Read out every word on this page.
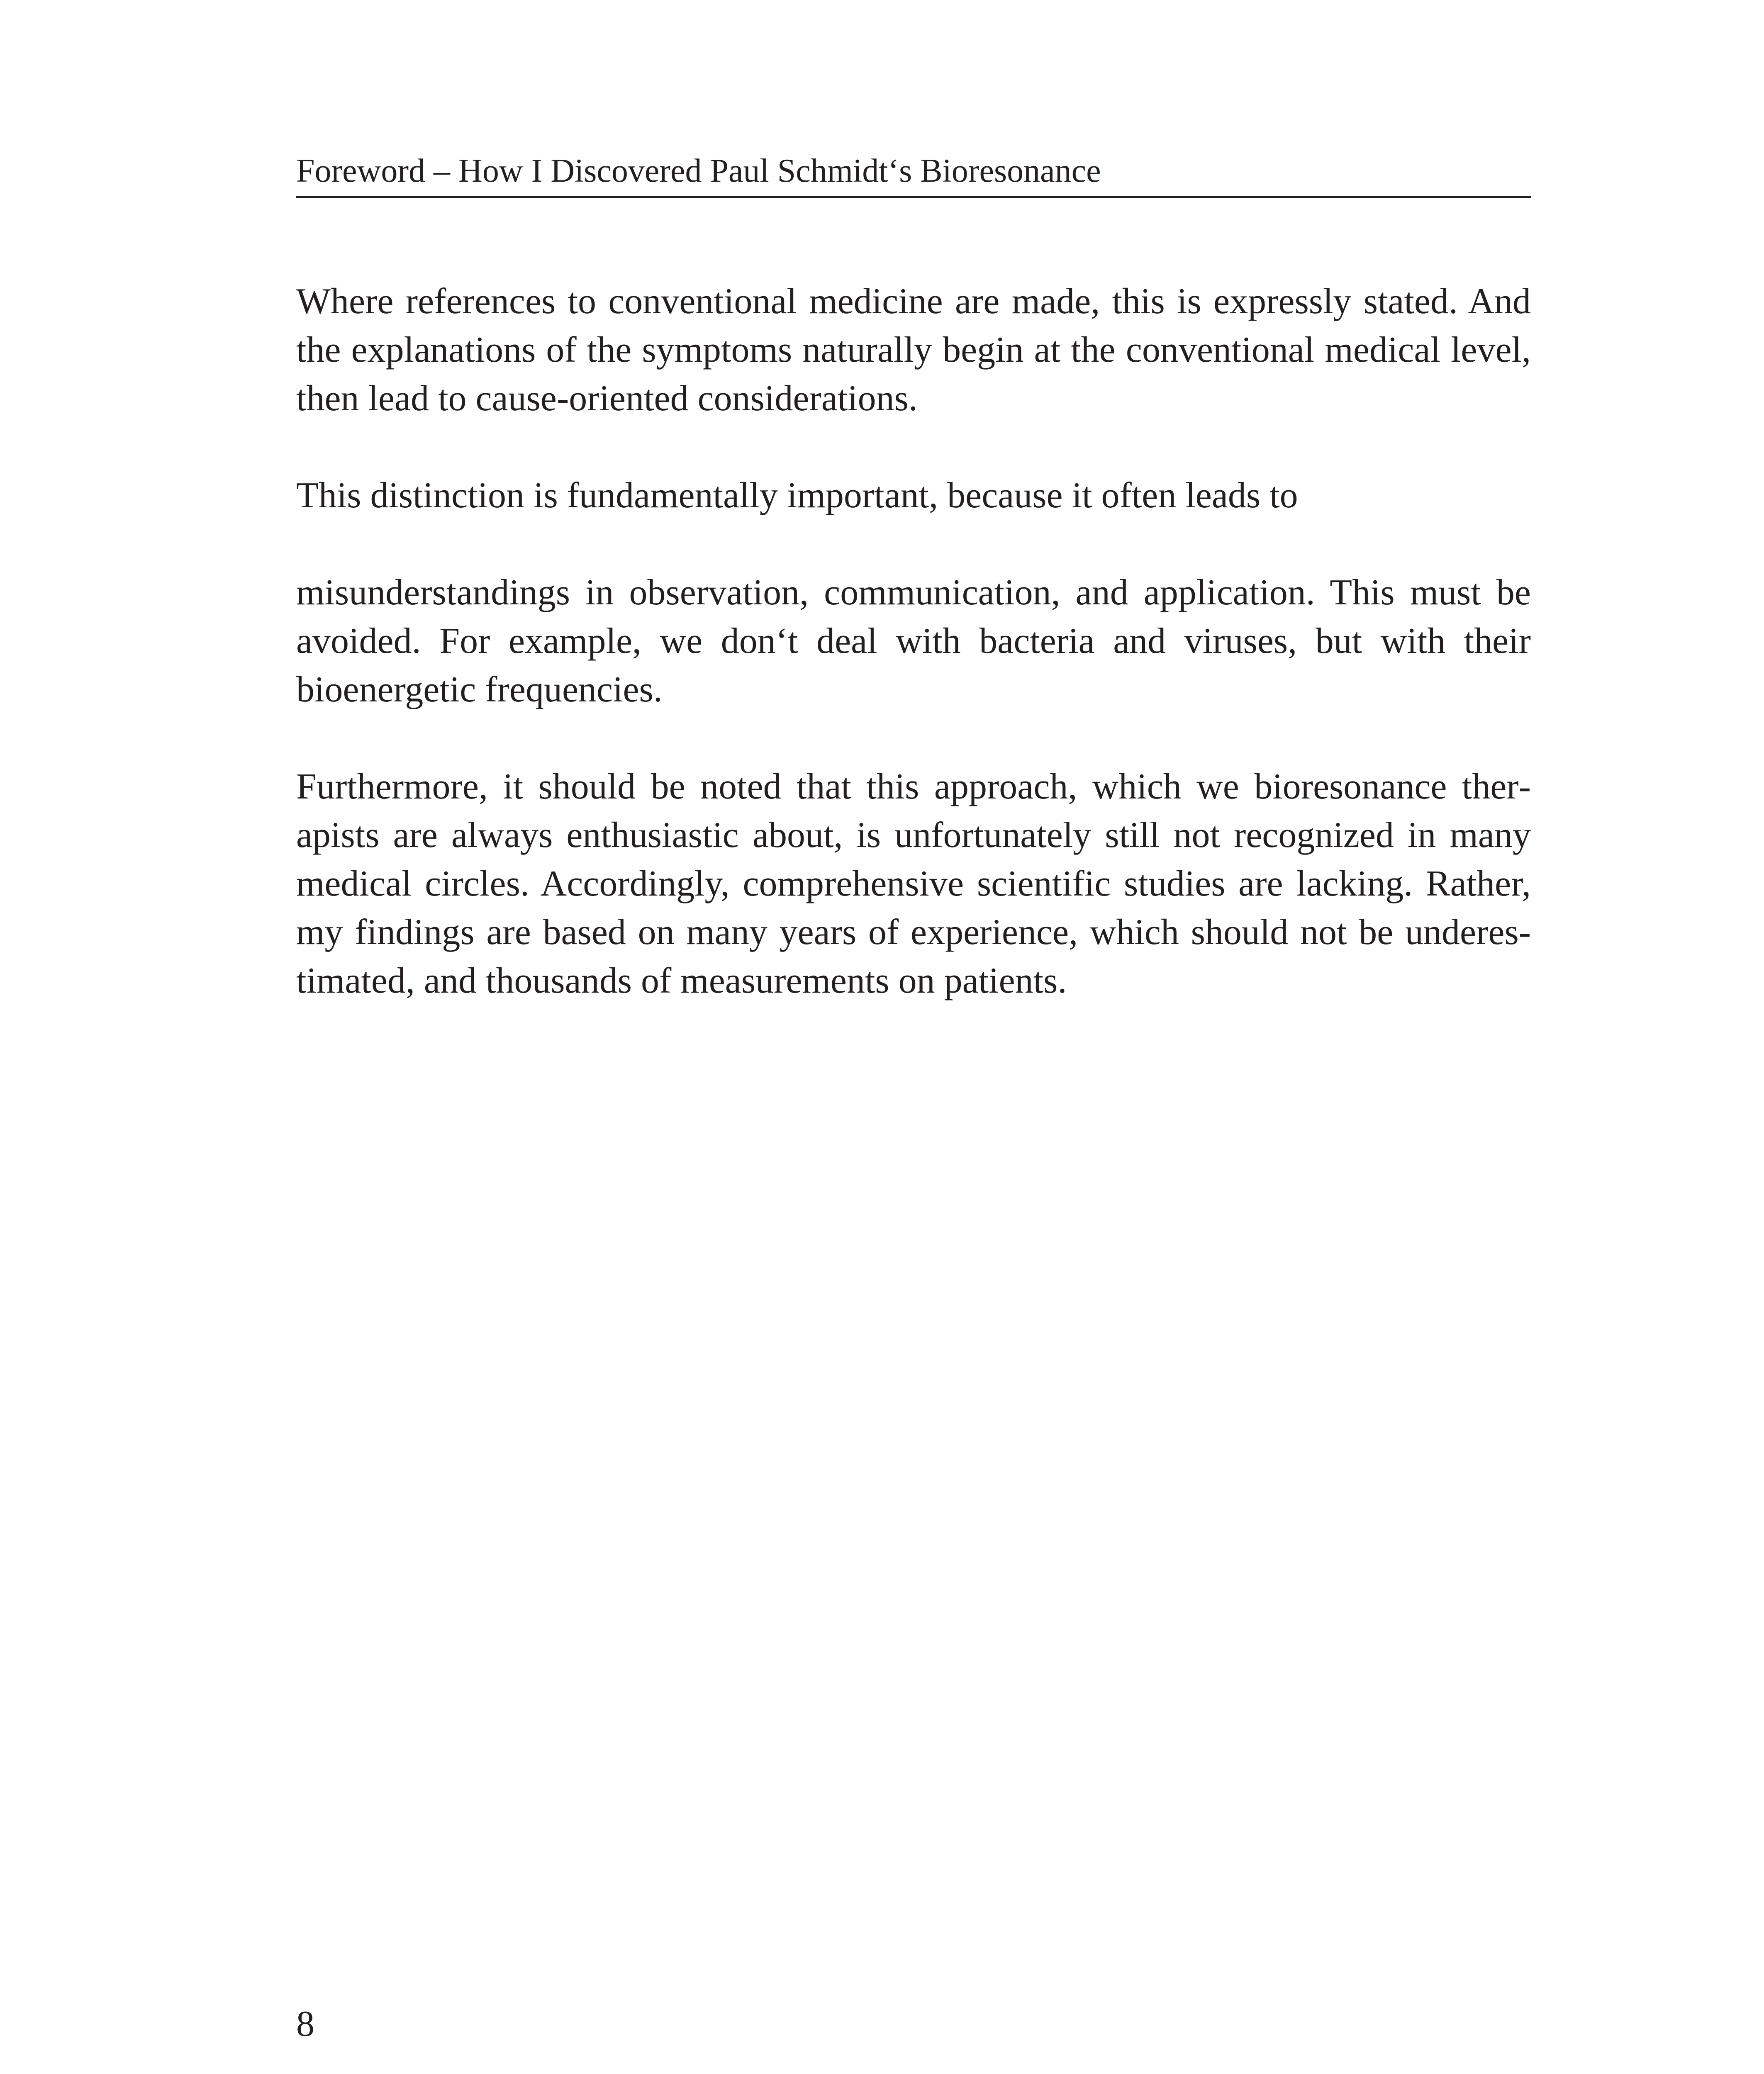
Foreword – How I Discovered Paul Schmidt‘s Bioresonance

Where references to conventional medicine are made, this is expressly stated. And the explanations of the symptoms naturally begin at the conventional medical level, then lead to cause-oriented considerations.

This distinction is fundamentally important, because it often leads to

misunderstandings in observation, communication, and application. This must be avoided. For example, we don‘t deal with bacteria and viruses, but with their bioenergetic frequencies.

Furthermore, it should be noted that this approach, which we bioresonance therapists are always enthusiastic about, is unfortunately still not recognized in many medical circles. Accordingly, comprehensive scientific studies are lacking. Rather, my findings are based on many years of experience, which should not be underestimated, and thousands of measurements on patients.

8
